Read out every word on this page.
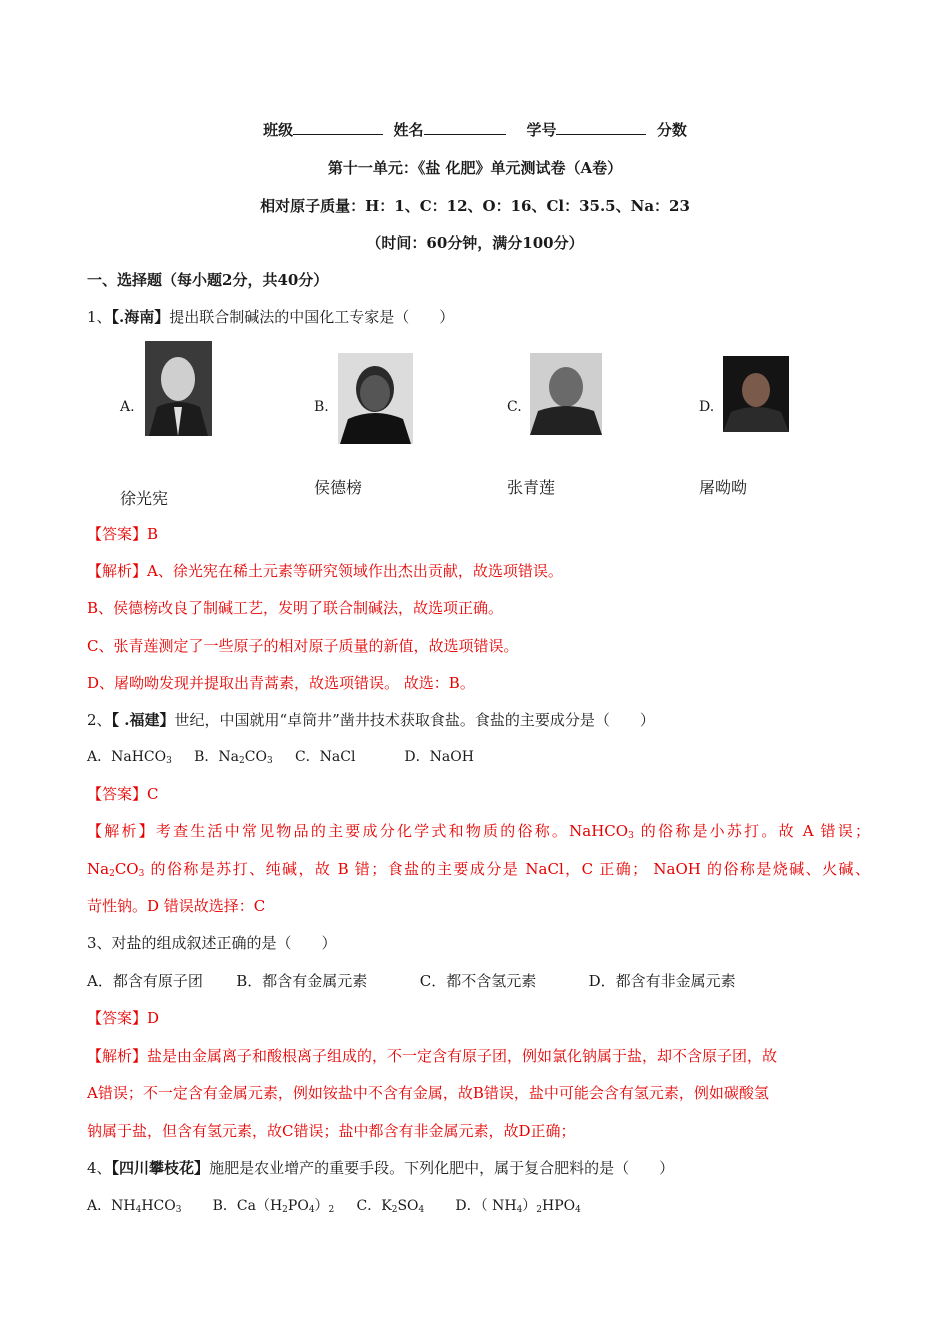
班级	姓名	学号	分数
第十一单元：《盐 化肥》单元测试卷（A卷）
相对原子质量：H：1、C：12、O：16、Cl：35.5、Na：23
（时间：60分钟，满分100分）
一、选择题（每小题2分，共40分）
1、【.海南】提出联合制碱法的中国化工专家是（　　）
A.
徐光宪
B.
侯德榜
C.
张青莲
D.
屠呦呦
【答案】B
【解析】A、徐光宪在稀土元素等研究领域作出杰出贡献，故选项错误。
B、侯德榜改良了制碱工艺，发明了联合制碱法，故选项正确。
C、张青莲测定了一些原子的相对原子质量的新值，故选项错误。
D、屠呦呦发现并提取出青蒿素，故选项错误。 故选：B。
2、【 .福建】世纪，中国就用“卓筒井”凿井技术获取食盐。食盐的主要成分是（　　）
A．NaHCO$_3$ B．$Na_2CO_3$ C．NaCl	D．NaOH
【答案】C
【解析】考查生活中常见物品的主要成分化学式和物质的俗称。NaHCO$_3$ 的俗称是小苏打。故 A 错误；
$Na_2CO_3$ 的俗称是苏打、纯碱，故 B 错；食盐的主要成分是 NaCl，C 正确； NaOH 的俗称是烧碱、火碱、
苛性钠。D 错误故选择：C
3、对盐的组成叙述正确的是（　　）
A．都含有原子团 B．都含有金属元素	C．都不含氢元素	D．都含有非金属元素
【答案】D
【解析】盐是由金属离子和酸根离子组成的，不一定含有原子团，例如氯化钠属于盐，却不含原子团，故
A错误；不一定含有金属元素，例如铵盐中不含有金属，故B错误，盐中可能会含有氢元素，例如碳酸氢
钠属于盐，但含有氢元素，故C错误；盐中都含有非金属元素，故D正确；
4、【四川攀枝花】施肥是农业增产的重要手段。下列化肥中，属于复合肥料的是（　　）
A．$NH_4HCO_3$ B．$Ca(H_2PO_4)_2$ C．$K_2SO_4$ D．（ $NH_4)_2HPO_4$
